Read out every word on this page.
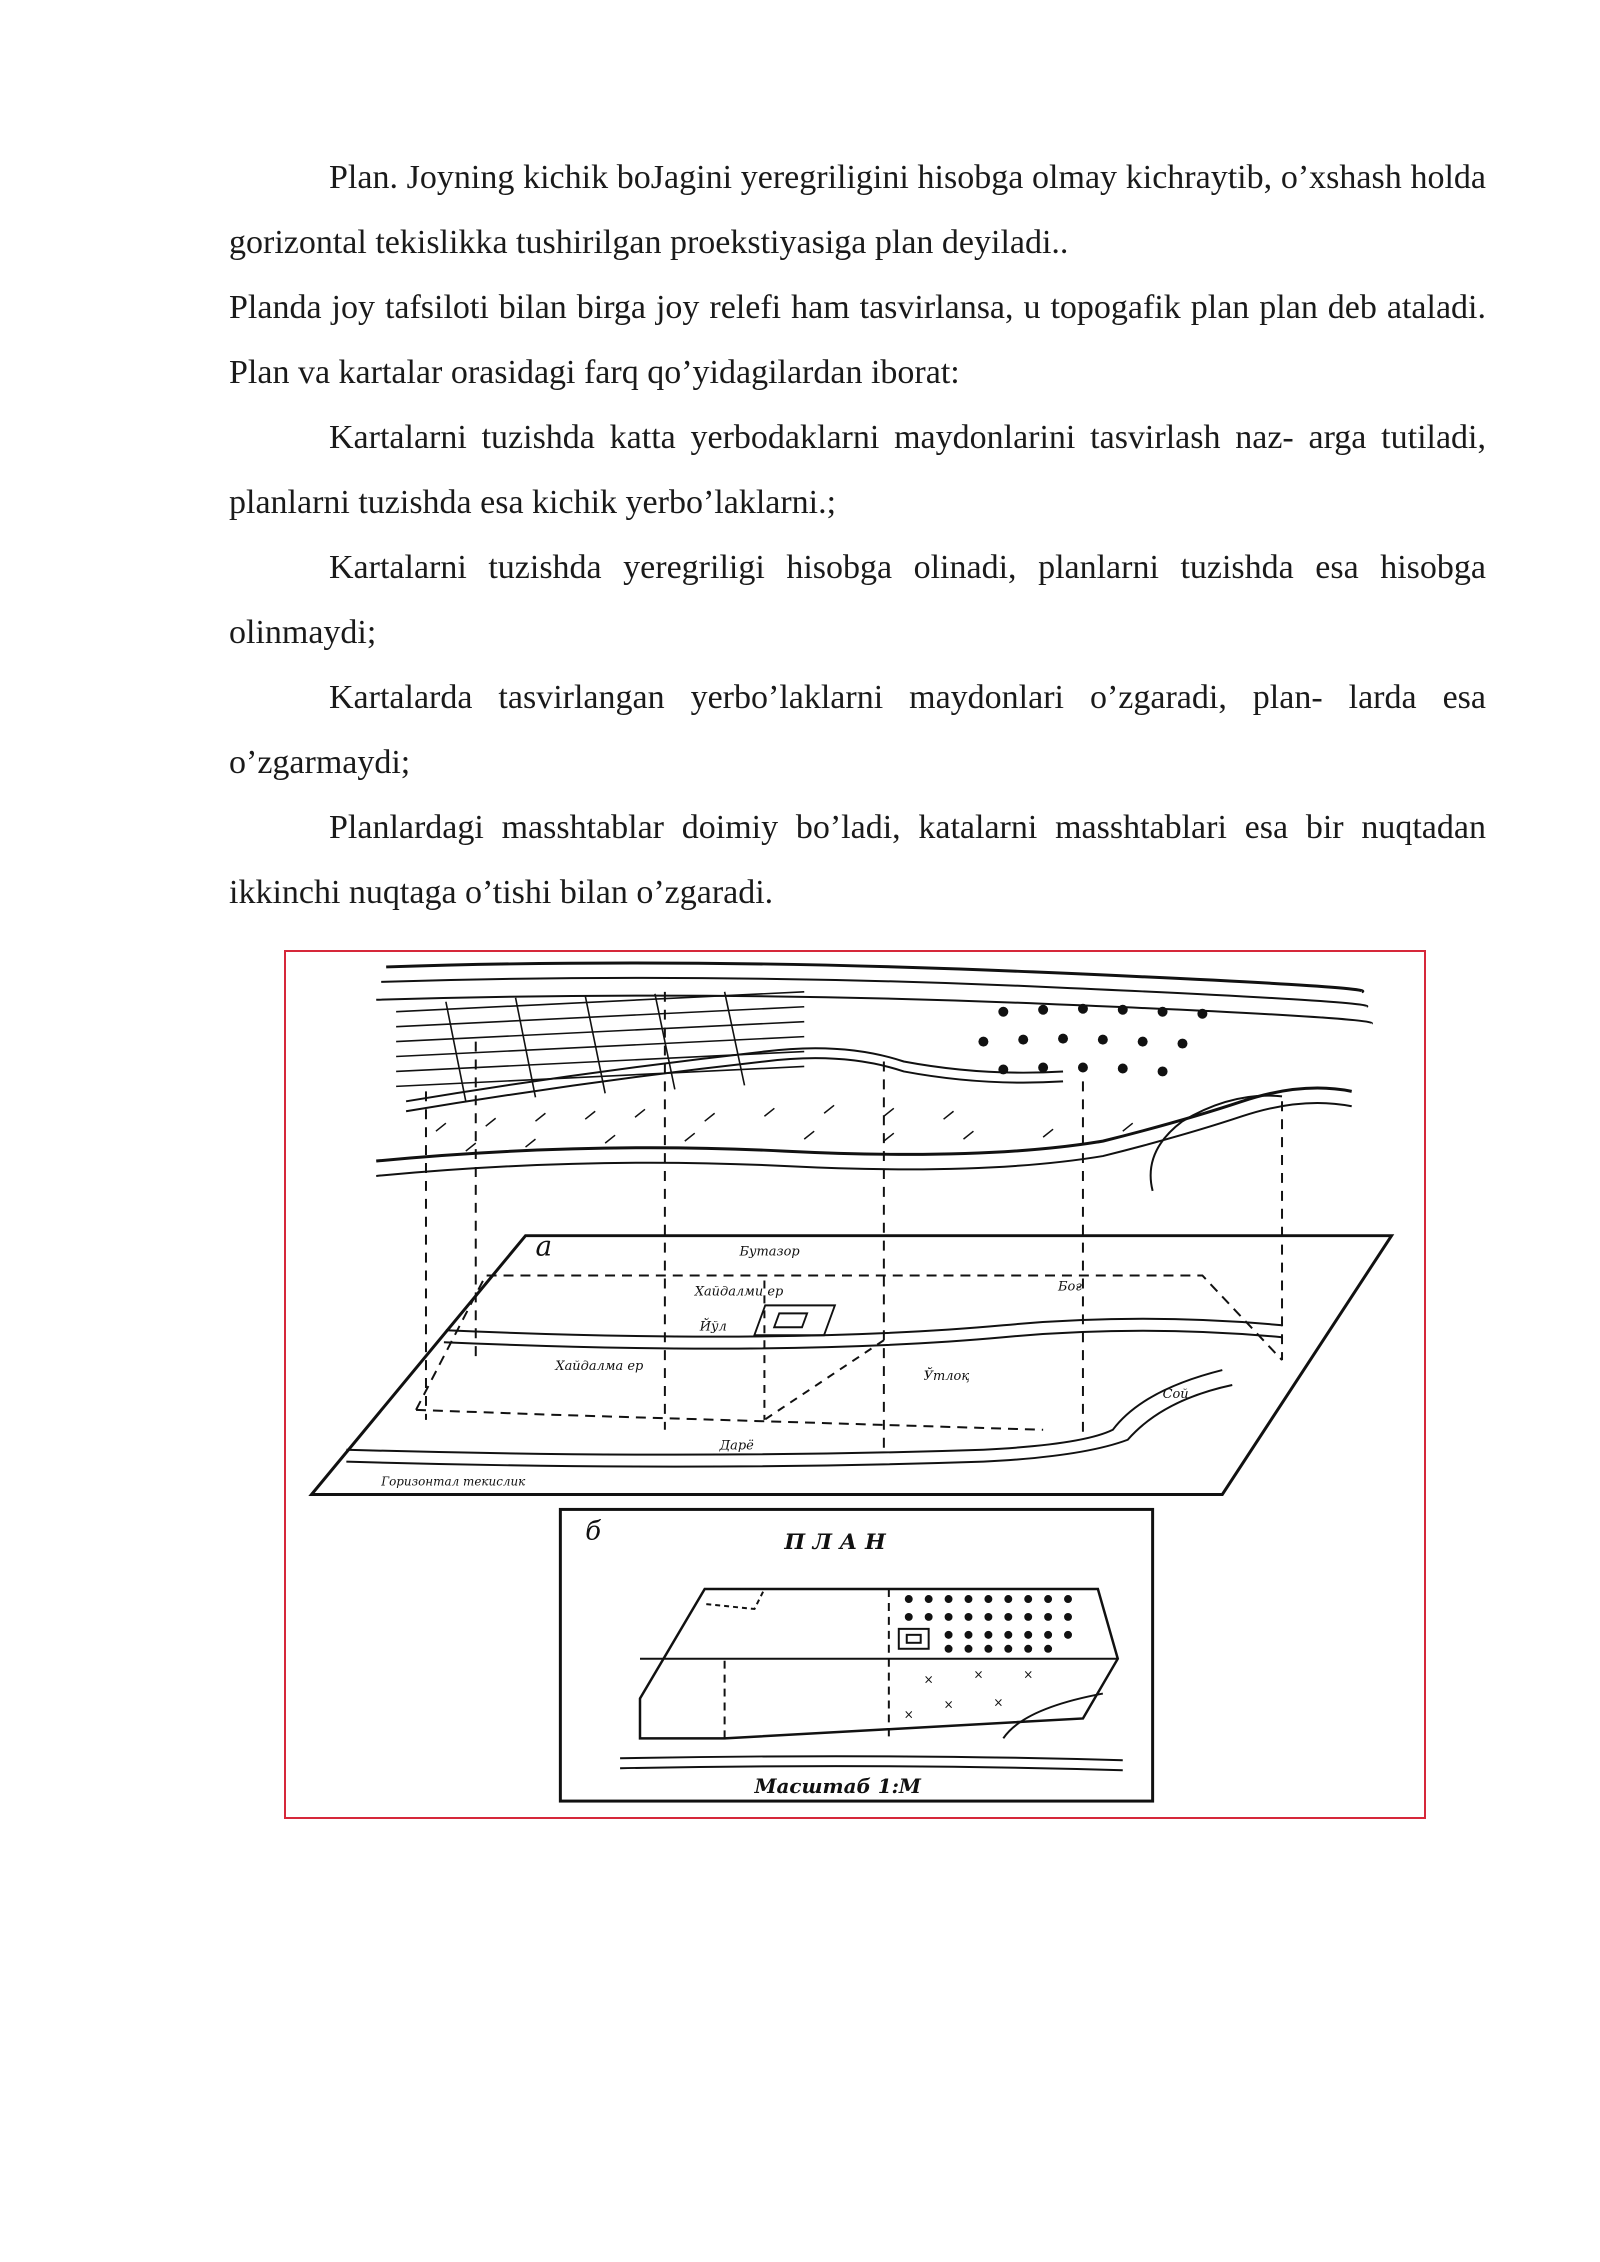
Plan. Joyning kichik boJagini yeregriligini hisobga olmay kichraytib, o’xshash holda gorizontal tekislikka tushirilgan proekstiyasiga plan deyiladi..

Planda joy tafsiloti bilan birga joy relefi ham tasvirlansa, u topogafik plan plan deb ataladi. Plan va kartalar orasidagi farq qo’yidagilardan iborat:

Kartalarni tuzishda katta yerbodaklarni maydonlarini tasvirlash naz- arga tutiladi, planlarni tuzishda esa kichik yerbo’laklarni.;

Kartalarni tuzishda yeregriligi hisobga olinadi, planlarni tuzishda esa hisobga olinmaydi;

Kartalarda tasvirlangan yerbo’laklarni maydonlari o’zgaradi, plan- larda esa o’zgarmaydi;

Planlardagi masshtablar doimiy bo’ladi, katalarni masshtablari esa bir nuqtadan ikkinchi nuqtaga o’tishi bilan o’zgaradi.

a	Бутазор
Хайдалми ер	Боғ
Йўл
Хайдалма ер
Ўтлоқ
Сой
Дарё
Горизонтал текислик
×	×	×
×	×
×
б	П Л А Н
Масштаб 1:М
